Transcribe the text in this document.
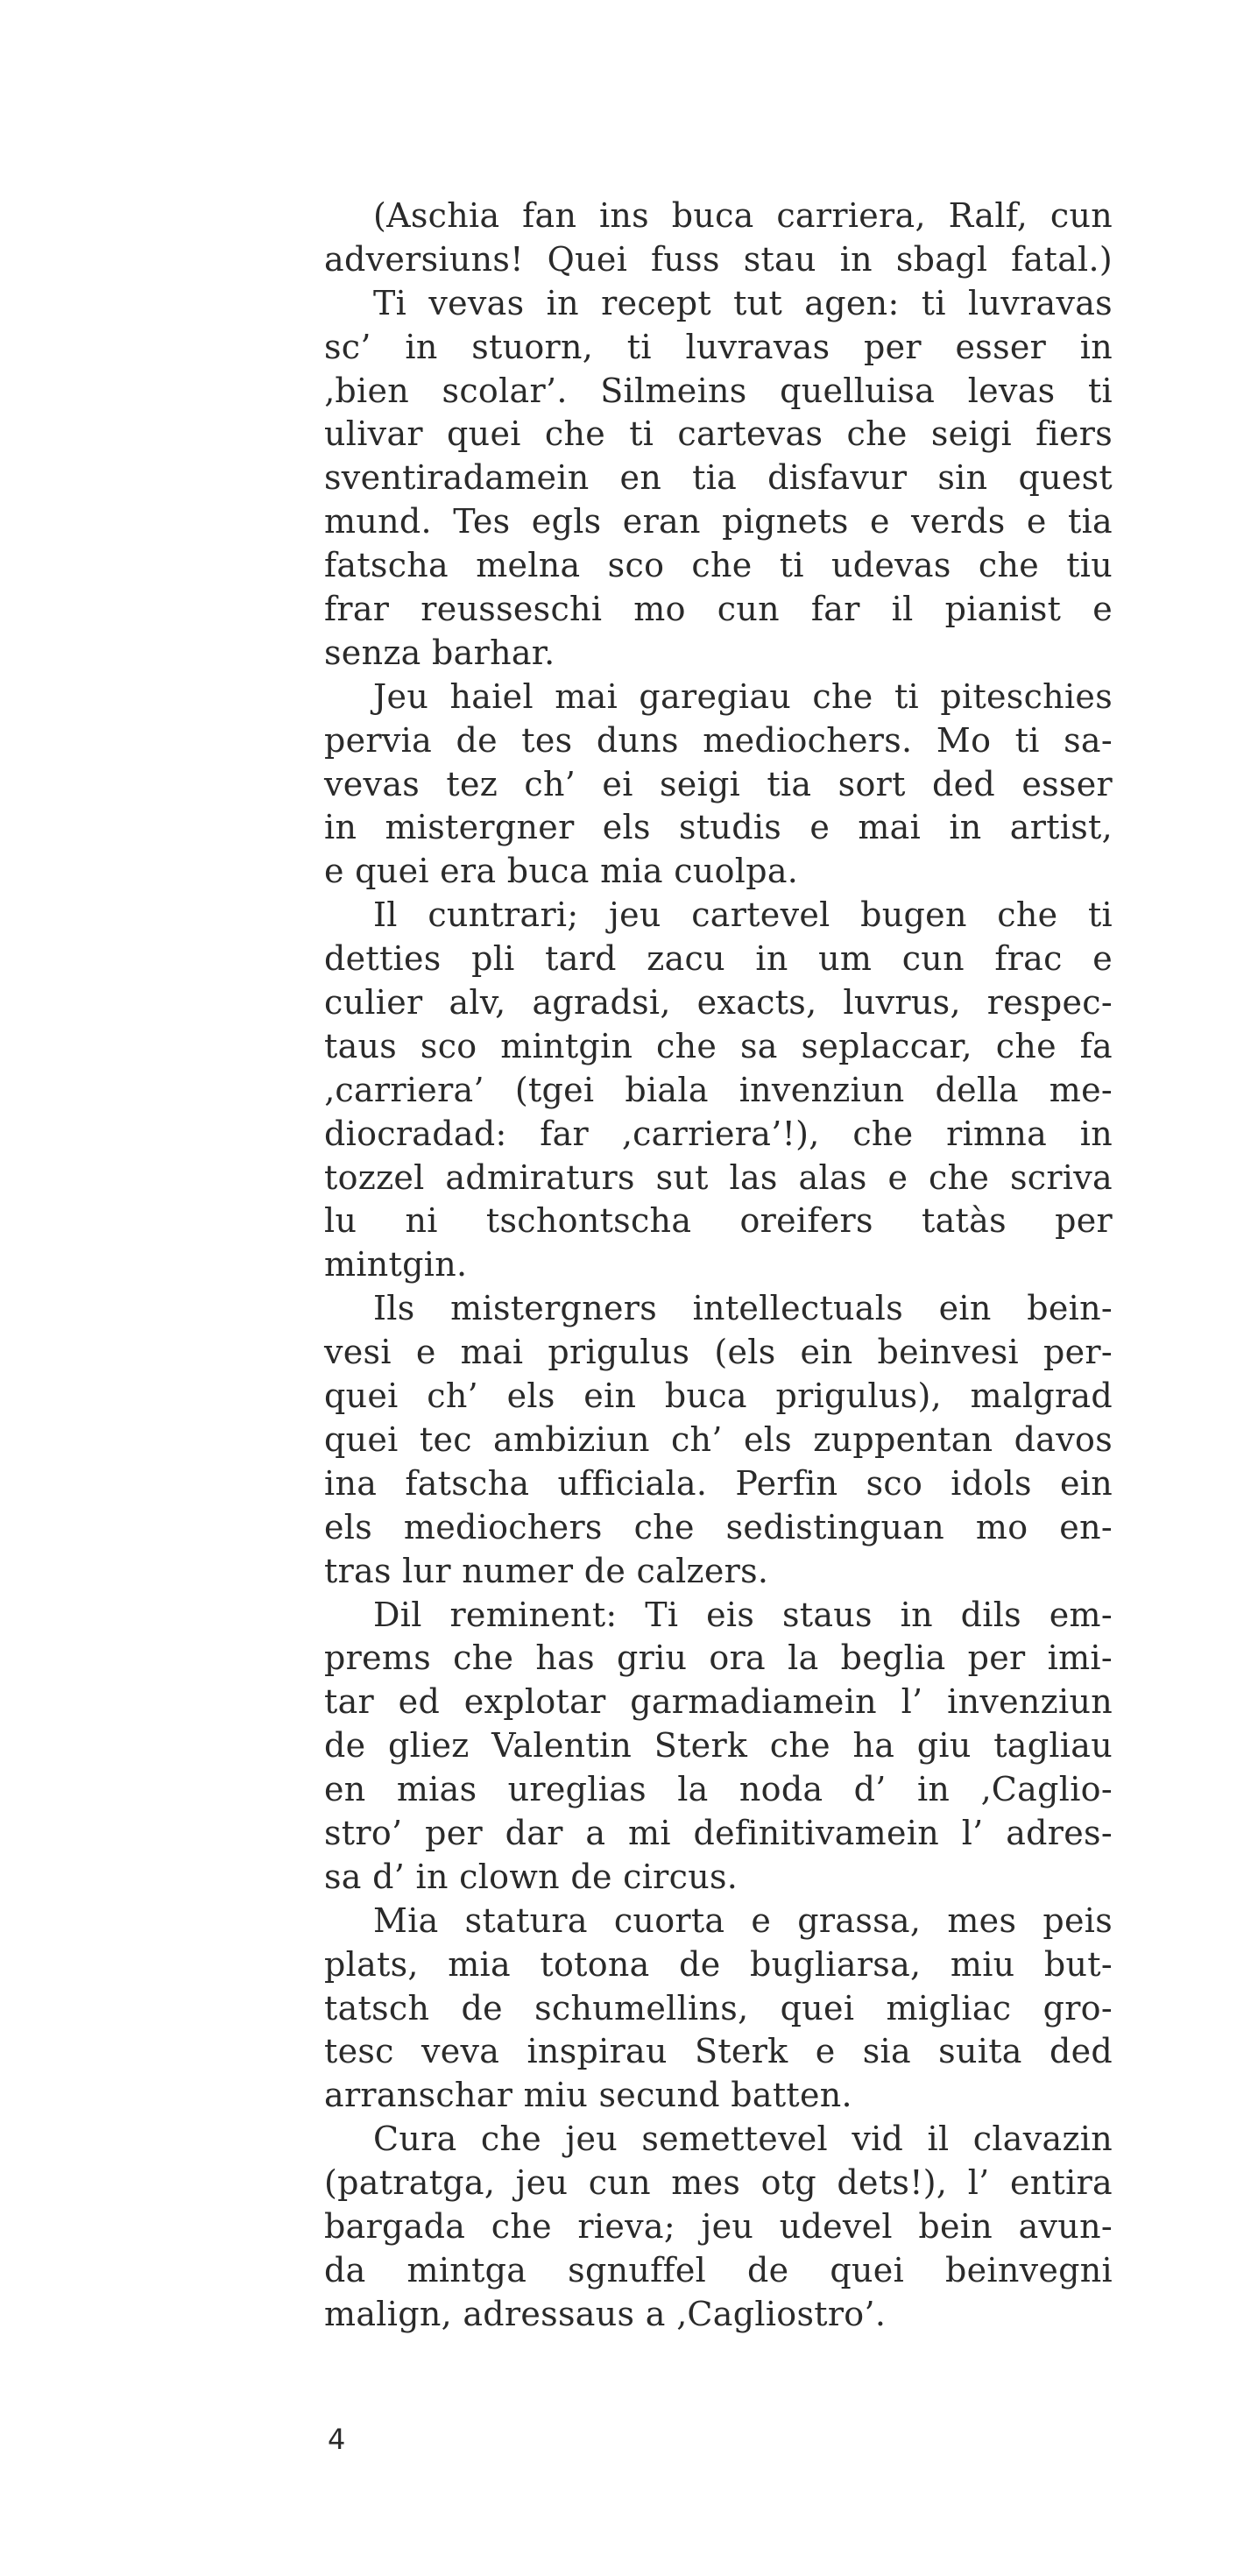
(Aschia fan ins buca carriera, Ralf, cun
adversiuns! Quei fuss stau in sbagl fatal.)
Ti vevas in recept tut agen: ti luvravas
sc’ in stuorn, ti luvravas per esser in
‚bien scolar’. Silmeins quelluisa levas ti
ulivar quei che ti cartevas che seigi fiers
sventiradamein en tia disfavur sin quest
mund. Tes egls eran pignets e verds e tia
fatscha melna sco che ti udevas che tiu
frar reusseschi mo cun far il pianist e
senza barhar.
Jeu haiel mai garegiau che ti piteschies
pervia de tes duns mediochers. Mo ti sa-
vevas tez ch’ ei seigi tia sort ded esser
in mistergner els studis e mai in artist,
e quei era buca mia cuolpa.
Il cuntrari; jeu cartevel bugen che ti
detties pli tard zacu in um cun frac e
culier alv, agradsi, exacts, luvrus, respec-
taus sco mintgin che sa seplaccar, che fa
‚carriera’ (tgei biala invenziun della me-
diocradad: far ‚carriera’!), che rimna in
tozzel admiraturs sut las alas e che scriva
lu ni tschontscha oreifers tatàs per
mintgin.
Ils mistergners intellectuals ein bein-
vesi e mai prigulus (els ein beinvesi per-
quei ch’ els ein buca prigulus), malgrad
quei tec ambiziun ch’ els zuppentan davos
ina fatscha ufficiala. Perfin sco idols ein
els mediochers che sedistinguan mo en-
tras lur numer de calzers.
Dil reminent: Ti eis staus in dils em-
prems che has griu ora la beglia per imi-
tar ed explotar garmadiamein l’ invenziun
de gliez Valentin Sterk che ha giu tagliau
en mias ureglias la noda d’ in ‚Caglio-
stro’ per dar a mi definitivamein l’ adres-
sa d’ in clown de circus.
Mia statura cuorta e grassa, mes peis
plats, mia totona de bugliarsa, miu but-
tatsch de schumellins, quei migliac gro-
tesc veva inspirau Sterk e sia suita ded
arranschar miu secund batten.
Cura che jeu semettevel vid il clavazin
(patratga, jeu cun mes otg dets!), l’ entira
bargada che rieva; jeu udevel bein avun-
da mintga sgnuffel de quei beinvegni
malign, adressaus a ‚Cagliostro’.
4
